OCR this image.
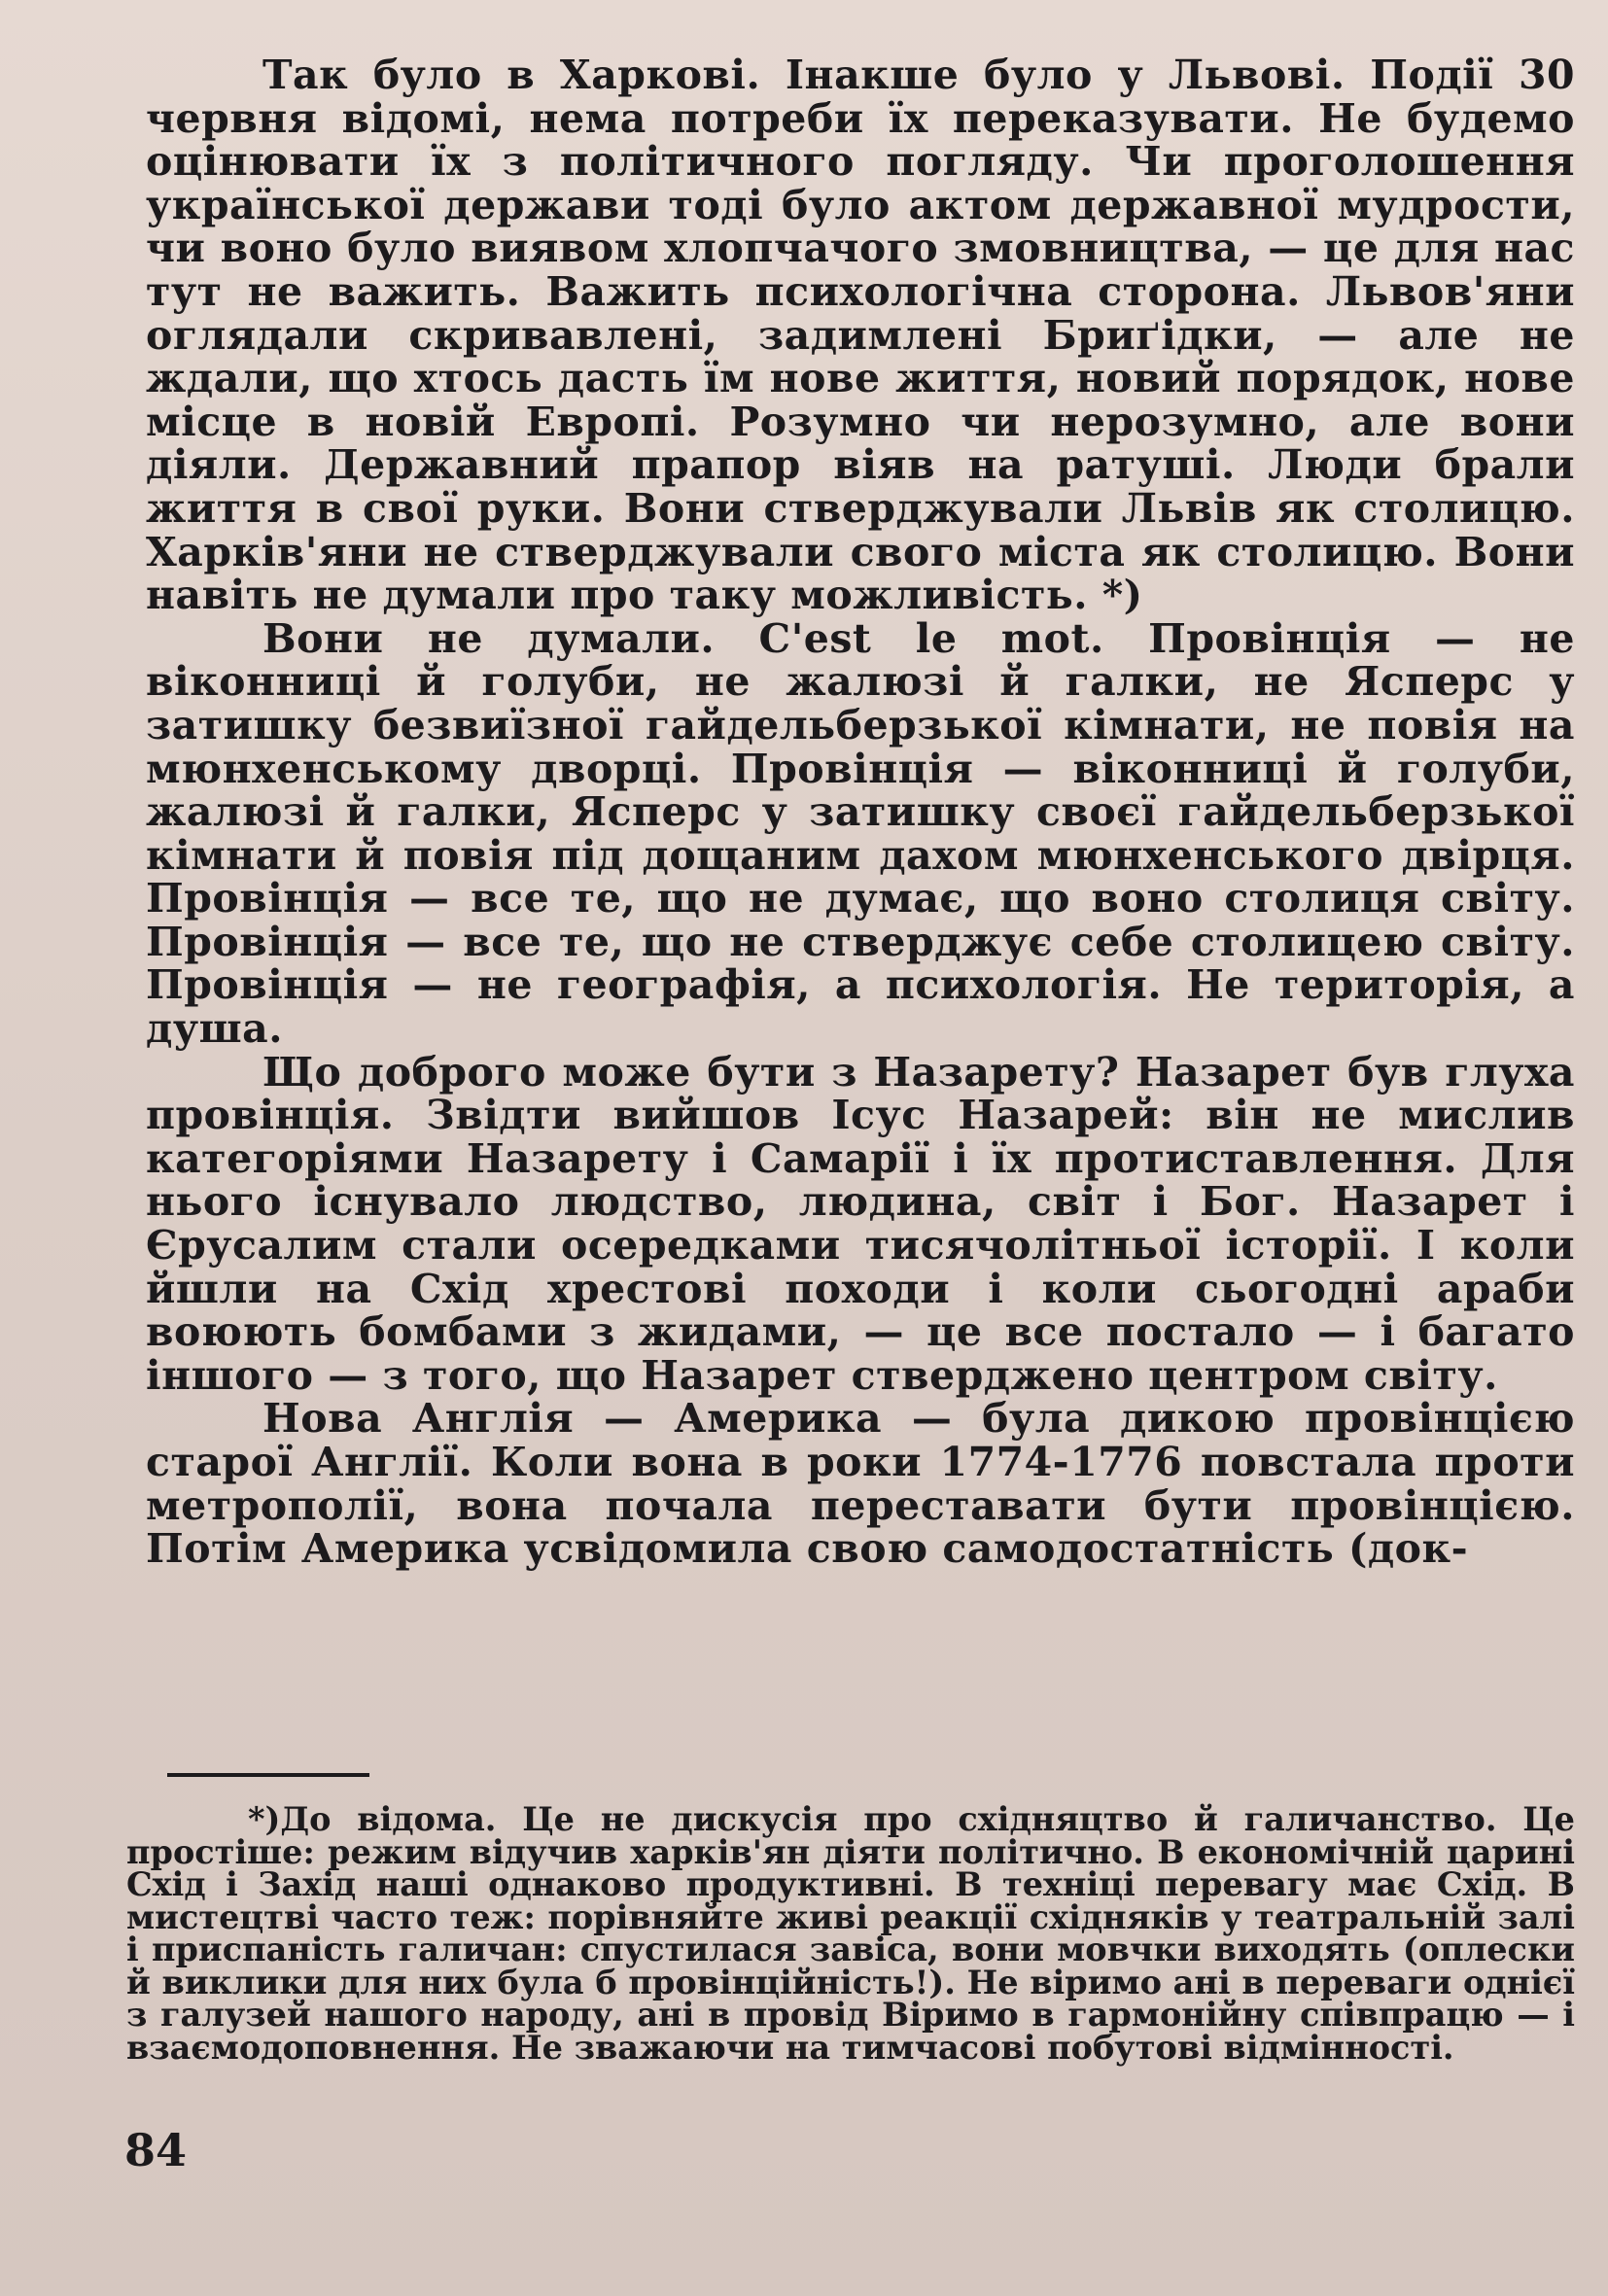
Так було в Харкові. Інакше було у Львові. Події 30 червня відомі, нема потреби їх переказувати. Не будемо оцінювати їх з політичного погляду. Чи проголошення української держави тоді було актом державної мудрости, чи воно було виявом хлопчачого змовництва, — це для нас тут не важить. Важить психологічна сторона. Львов'яни оглядали скривавлені, задимлені Бриґідки, — але не ждали, що хтось дасть їм нове життя, новий порядок, нове місце в новій Европі. Розумно чи нерозумно, але вони діяли. Державний прапор віяв на ратуші. Люди брали життя в свої руки. Вони стверджували Львів як столицю. Харків'яни не стверджували свого міста як столицю. Вони навіть не думали про таку можливість. *)

Вони не думали. C'est le mot. Провінція — не віконниці й голуби, не жалюзі й галки, не Ясперс у затишку безвиїзної гайдельберзької кімнати, не повія на мюнхенському дворці. Провінція — віконниці й голуби, жалюзі й галки, Ясперс у затишку своєї гайдельберзької кімнати й повія під дощаним дахом мюнхенського двірця. Провінція — все те, що не думає, що воно столиця світу. Провінція — все те, що не стверджує себе столицею світу. Провінція — не географія, а психологія. Не територія, а душа.

Що доброго може бути з Назарету? Назарет був глуха провінція. Звідти вийшов Ісус Назарей: він не мислив категоріями Назарету і Самарії і їх протиставлення. Для нього існувало людство, людина, світ і Бог. Назарет і Єрусалим стали осередками тисячолітньої історії. І коли йшли на Схід хрестові походи і коли сьогодні араби воюють бомбами з жидами, — це все постало — і багато іншого — з того, що Назарет стверджено центром світу.

Нова Англія — Америка — була дикою провінцією старої Англії. Коли вона в роки 1774-1776 повстала проти метрополії, вона почала переставати бути провінцією. Потім Америка усвідомила свою самодостатність (док-

*)До відома. Це не дискусія про східняцтво й галичанство. Це простіше: режим відучив харків'ян діяти політично. В економічній царині Схід і Захід наші однаково продуктивні. В техніці перевагу має Схід. В мистецтві часто теж: порівняйте живі реакції східняків у театральній залі і приспаність галичан: спустилася завіса, вони мовчки виходять (оплески й виклики для них була б провінційність!). Не віримо ані в переваги однієї з галузей нашого народу, ані в провід Віримо в гармонійну співпрацю — і взаємодоповнення. Не зважаючи на тимчасові побутові відмінності.
84
